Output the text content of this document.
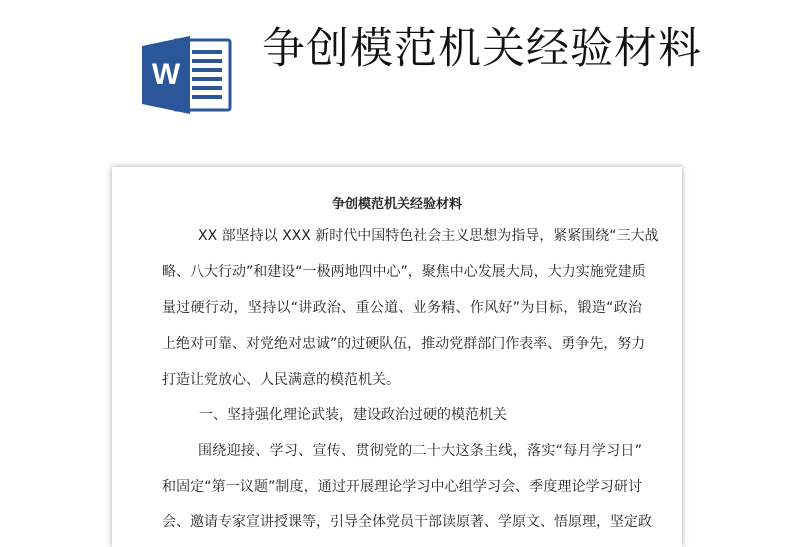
W
争创模范机关经验材料
争创模范机关经验材料
XX 部坚持以 XXX 新时代中国特色社会主义思想为指导，紧紧围绕“三大战
略、八大行动”和建设“一极两地四中心”，聚焦中心发展大局，大力实施党建质
量过硬行动，坚持以“讲政治、重公道、业务精、作风好”为目标，锻造“政治
上绝对可靠、对党绝对忠诚”的过硬队伍，推动党群部门作表率、勇争先，努力
打造让党放心、人民满意的模范机关。
一、坚持强化理论武装，建设政治过硬的模范机关
围绕迎接、学习、宣传、贯彻党的二十大这条主线，落实“每月学习日”
和固定“第一议题”制度，通过开展理论学习中心组学习会、季度理论学习研讨
会、邀请专家宣讲授课等，引导全体党员干部读原著、学原文、悟原理，坚定政
